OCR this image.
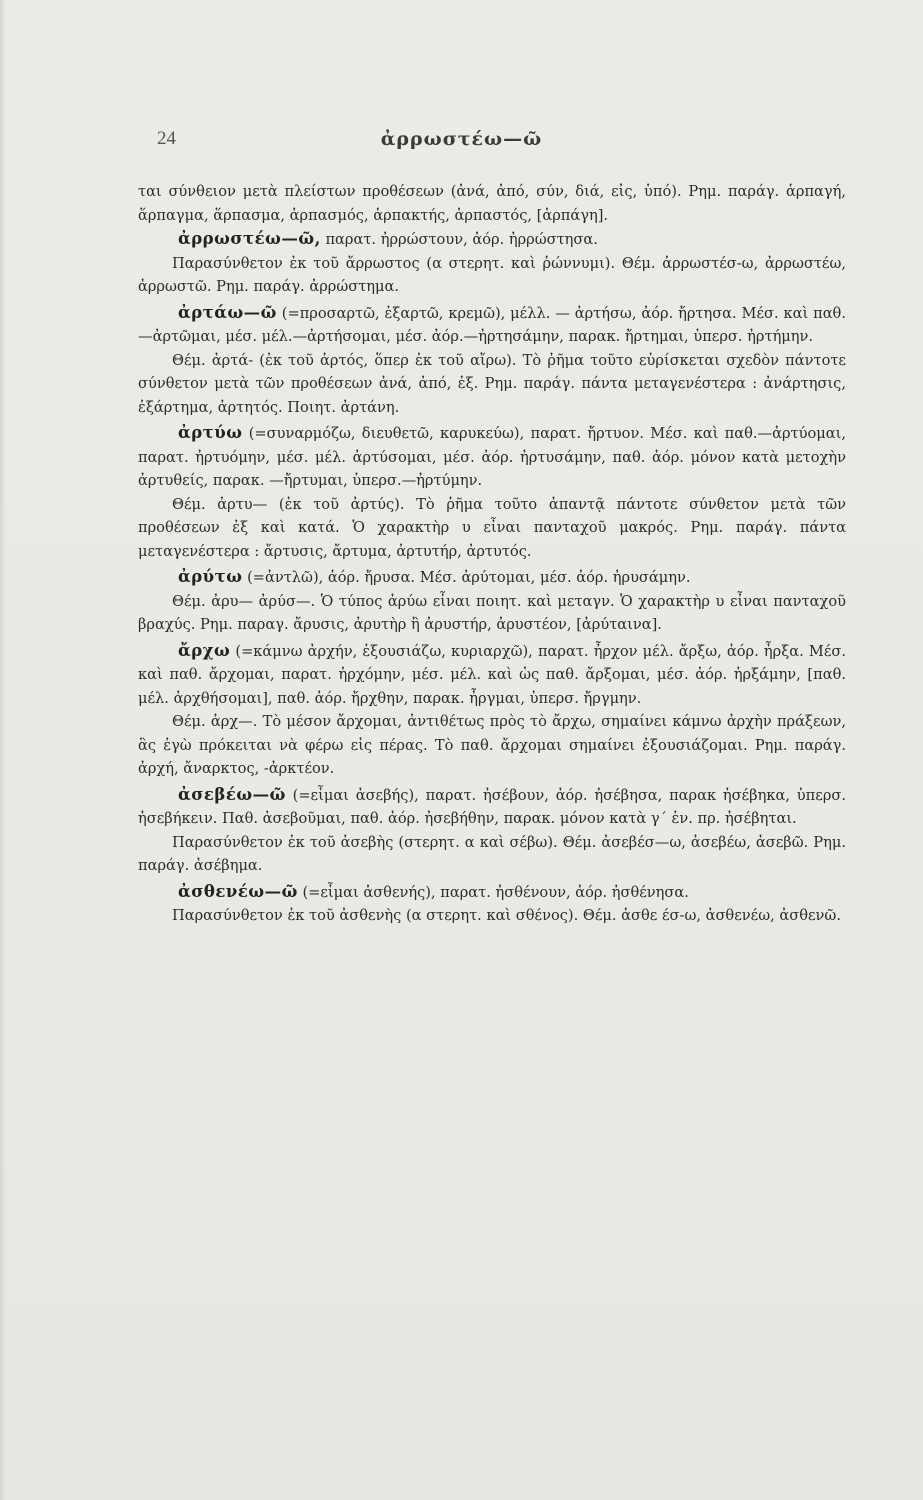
24	ἀρρωστέω—ῶ

ται σύνθειον μετὰ πλείστων προθέσεων (ἀνά, ἀπό, σύν, διά, εἰς, ὑπό). Ρημ. παράγ. ἁρπαγή, ἅρπαγμα, ἅρπασμα, ἁρπασμός, ἁρπακτής, ἁρπαστός, [ἁρπάγη].

ἀρρωστέω—ῶ, παρατ. ἠρρώστουν, ἀόρ. ἠρρώστησα.

Παρασύνθετον ἐκ τοῦ ἄρρωστος (α στερητ. καὶ ῥώννυμι). Θέμ. ἀρρωστέσ-ω, ἀρρωστέω, ἀρρωστῶ. Ρημ. παράγ. ἀρρώστημα.

ἀρτάω—ῶ (=προσαρτῶ, ἐξαρτῶ, κρεμῶ), μέλλ. — ἀρτήσω, ἀόρ. ἤρτησα. Μέσ. καὶ παθ. —ἀρτῶμαι, μέσ. μέλ.—ἀρτήσομαι, μέσ. ἀόρ.—ἠρτησάμην, παρακ. ἤρτημαι, ὑπερσ. ἠρτήμην.

Θέμ. ἀρτά- (ἐκ τοῦ ἀρτός, ὅπερ ἐκ τοῦ αἴρω). Τὸ ῥῆμα τοῦτο εὑρίσκεται σχεδὸν πάντοτε σύνθετον μετὰ τῶν προθέσεων ἀνά, ἀπό, ἐξ. Ρημ. παράγ. πάντα μεταγενέστερα : ἀνάρτησις, ἐξάρτημα, ἀρτητός. Ποιητ. ἀρτάνη.

ἀρτύω (=συναρμόζω, διευθετῶ, καρυκεύω), παρατ. ἤρτυον. Μέσ. καὶ παθ.—ἀρτύομαι, παρατ. ἠρτυόμην, μέσ. μέλ. ἀρτύσομαι, μέσ. ἀόρ. ἠρτυσάμην, παθ. ἀόρ. μόνον κατὰ μετοχὴν ἀρτυθείς, παρακ. —ἤρτυμαι, ὑπερσ.—ἠρτύμην.

Θέμ. ἀρτυ— (ἐκ τοῦ ἀρτύς). Τὸ ῥῆμα τοῦτο ἀπαντᾷ πάντοτε σύνθετον μετὰ τῶν προθέσεων ἐξ καὶ κατά. Ὁ χαρακτὴρ υ εἶναι πανταχοῦ μακρός. Ρημ. παράγ. πάντα μεταγενέστερα : ἄρτυσις, ἄρτυμα, ἀρτυτήρ, ἀρτυτός.

ἀρύτω (=ἀντλῶ), ἀόρ. ἤρυσα. Μέσ. ἀρύτομαι, μέσ. ἀόρ. ἠρυσάμην.

Θέμ. ἀρυ— ἀρύσ—. Ὁ τύπος ἀρύω εἶναι ποιητ. καὶ μεταγν. Ὁ χαρακτὴρ υ εἶναι πανταχοῦ βραχύς. Ρημ. παραγ. ἄρυσις, ἀρυτὴρ ἢ ἀρυστήρ, ἀρυστέον, [ἀρύταινα].

ἄρχω (=κάμνω ἀρχήν, ἐξουσιάζω, κυριαρχῶ), παρατ. ἦρχον μέλ. ἄρξω, ἀόρ. ἦρξα. Μέσ. καὶ παθ. ἄρχομαι, παρατ. ἠρχόμην, μέσ. μέλ. καὶ ὡς παθ. ἄρξομαι, μέσ. ἀόρ. ἠρξάμην, [παθ. μέλ. ἀρχθήσομαι], παθ. ἀόρ. ἤρχθην, παρακ. ἦργμαι, ὑπερσ. ἤργμην.

Θέμ. ἀρχ—. Τὸ μέσον ἄρχομαι, ἀντιθέτως πρὸς τὸ ἄρχω, σημαίνει κάμνω ἀρχὴν πράξεων, ἃς ἐγὼ πρόκειται νὰ φέρω εἰς πέρας. Τὸ παθ. ἄρχομαι σημαίνει ἐξουσιάζομαι. Ρημ. παράγ. ἀρχή, ἄναρκτος, -ἀρκτέον.

ἀσεβέω—ῶ (=εἶμαι ἀσεβής), παρατ. ἠσέβουν, ἀόρ. ἠσέβησα, παρακ ἠσέβηκα, ὑπερσ. ἠσεβήκειν. Παθ. ἀσεβοῦμαι, παθ. ἀόρ. ἠσεβήθην, παρακ. μόνον κατὰ γ΄ ἑν. πρ. ἠσέβηται.

Παρασύνθετον ἐκ τοῦ ἀσεβὴς (στερητ. α καὶ σέβω). Θέμ. ἀσεβέσ—ω, ἀσεβέω, ἀσεβῶ. Ρημ. παράγ. ἀσέβημα.

ἀσθενέω—ῶ (=εἶμαι ἀσθενής), παρατ. ἠσθένουν, ἀόρ. ἠσθένησα.

Παρασύνθετον ἐκ τοῦ ἀσθενὴς (α στερητ. καὶ σθένος). Θέμ. ἀσθε έσ-ω, ἀσθενέω, ἀσθενῶ.
